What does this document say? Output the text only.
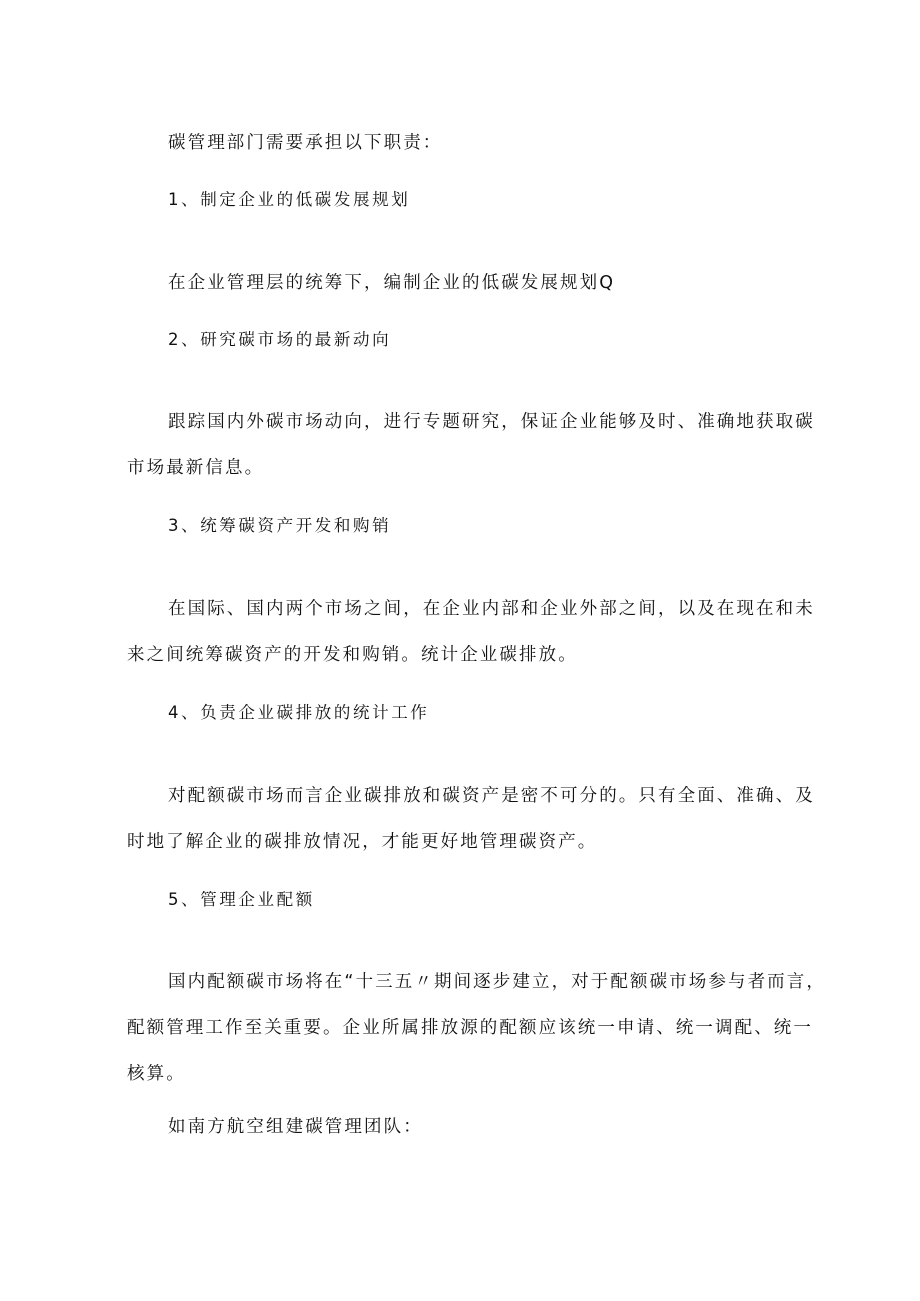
碳管理部门需要承担以下职责：

1、制定企业的低碳发展规划

在企业管理层的统筹下，编制企业的低碳发展规划Q

2、研究碳市场的最新动向

跟踪国内外碳市场动向，进行专题研究，保证企业能够及时、准确地获取碳

市场最新信息。

3、统筹碳资产开发和购销

在国际、国内两个市场之间，在企业内部和企业外部之间，以及在现在和未

来之间统筹碳资产的开发和购销。统计企业碳排放。

4、负责企业碳排放的统计工作

对配额碳市场而言企业碳排放和碳资产是密不可分的。只有全面、准确、及

时地了解企业的碳排放情况，才能更好地管理碳资产。

5、管理企业配额

国内配额碳市场将在“十三五〃期间逐步建立，对于配额碳市场参与者而言，

配额管理工作至关重要。企业所属排放源的配额应该统一申请、统一调配、统一

核算。

如南方航空组建碳管理团队：
